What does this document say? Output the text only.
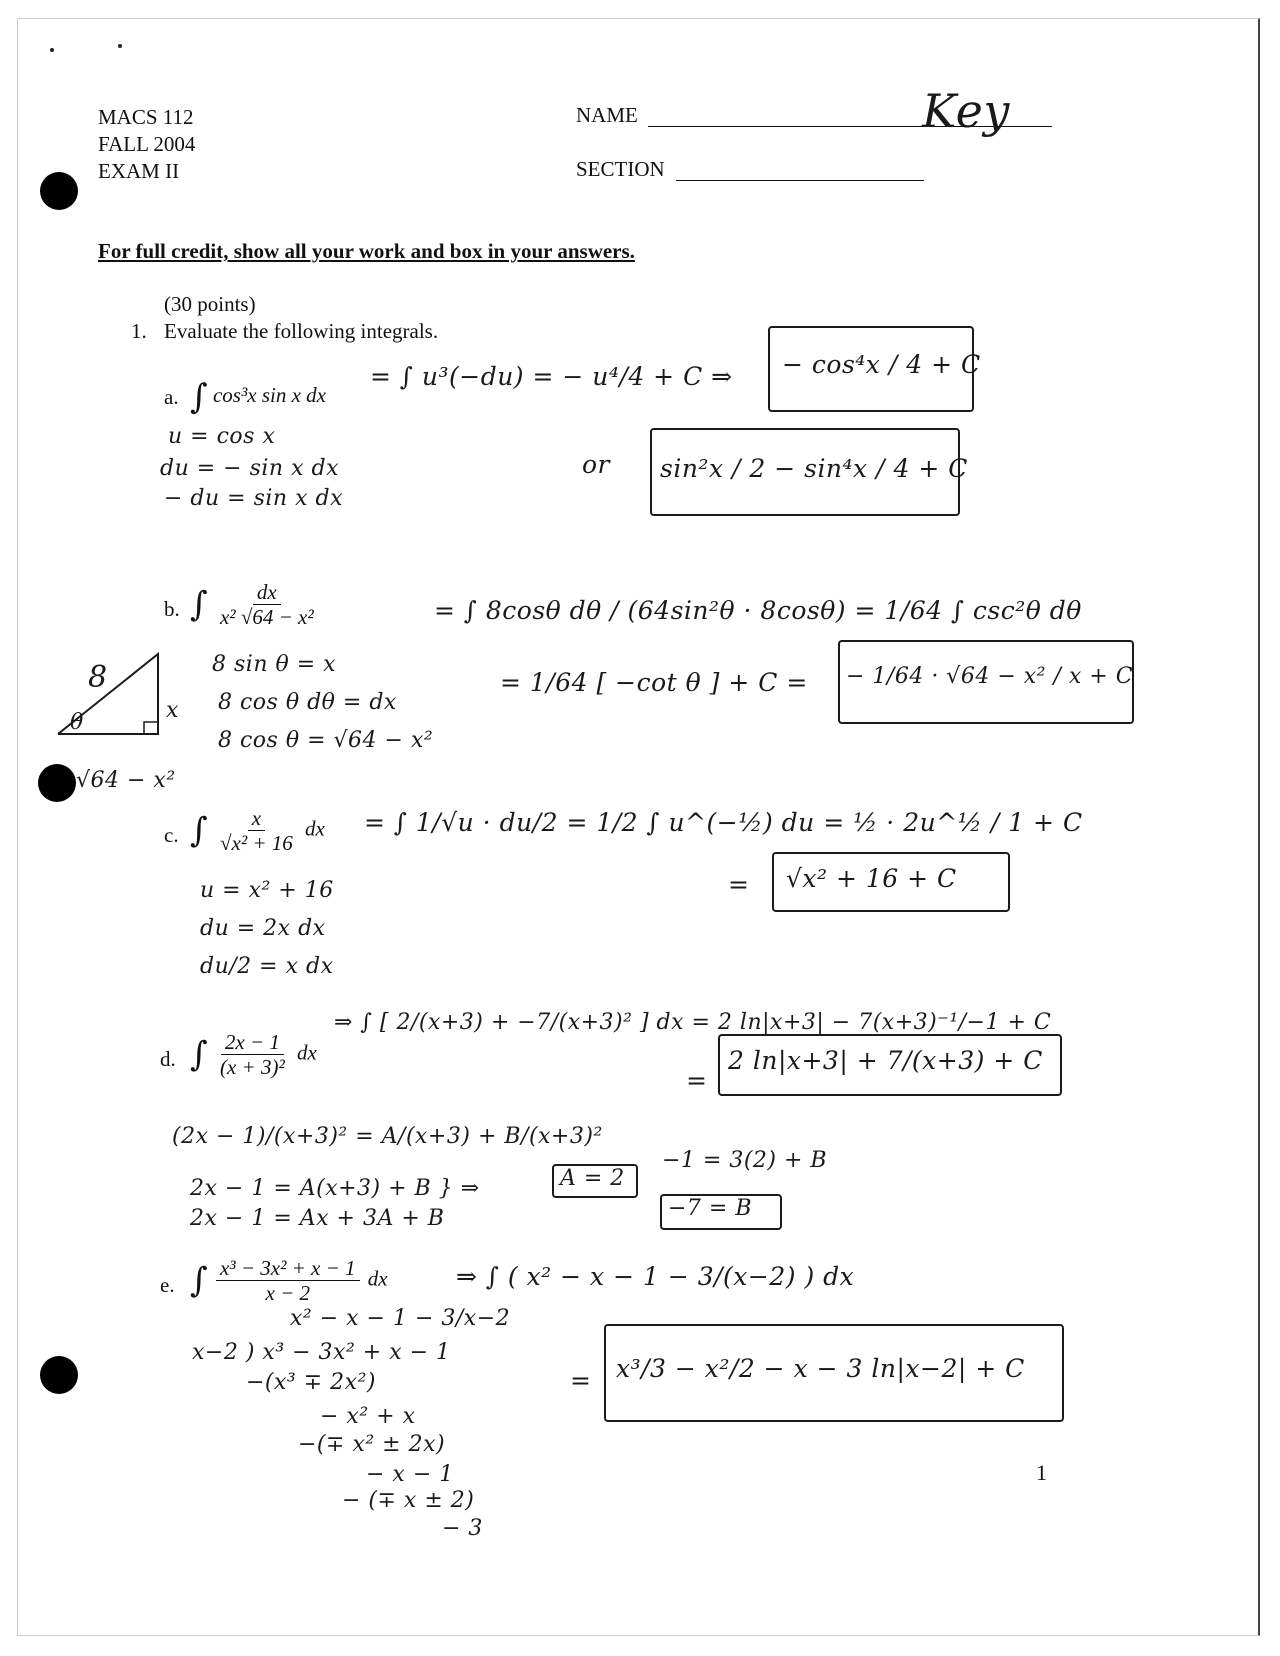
MACS 112
FALL 2004
EXAM II
NAME	Key
SECTION
For full credit, show all your work and box in your answers.
(30 points)
1. Evaluate the following integrals.
a. ∫ cos³x sin x dx
= ∫ u³(−du) = − u⁴/4 + C ⇒ − cos⁴x / 4 + C
or sin²x / 2 − sin⁴x / 4 + C
u = cos x
du = − sin x dx
− du = sin x dx
b. ∫ $\frac{dx}{\text{x² √64 − x²}}$	= ∫ 8cosθ dθ / (64sin²θ · 8cosθ) = 1/64 ∫ csc²θ dθ
= 1/64 [ −cot θ ] + C = − 1/64 · √64 − x² / x + C
8 sin θ = x
8 cos θ dθ = dx
8 cos θ = √64 − x²
8
x
θ
√64 − x²
c. ∫ $\frac{x}{\text{√x² + 16}}$ dx = ∫ 1/√u · du/2 = 1/2 ∫ u^(−½) du = ½ · 2u^½ / 1 + C
= √x² + 16 + C
u = x² + 16
du = 2x dx
du/2 = x dx
d. ∫ $\frac{2x - 1}{\text{(x + 3)²}}$ dx
⇒ ∫ [ 2/(x+3) + −7/(x+3)² ] dx = 2 ln|x+3| − 7(x+3)⁻¹/−1 + C
=
2 ln|x+3| + 7/(x+3) + C
(2x − 1)/(x+3)² = A/(x+3) + B/(x+3)²
2x − 1 = A(x+3) + B } ⇒
2x − 1 = Ax + 3A + B
A = 2
−1 = 3(2) + B
−7 = B
e. ∫ $\frac{\text{x³ − 3x² + x − 1}}{x - 2}$ dx	⇒ ∫ ( x² − x − 1 − 3/(x−2) ) dx
= x³/3 − x²/2 − x − 3 ln|x−2| + C
x² − x − 1 − 3/x−2
x−2 ) x³ − 3x² + x − 1
−(x³ ∓ 2x²)
− x² + x
−(∓ x² ± 2x)
− x − 1
− (∓ x ± 2)
− 3
1
